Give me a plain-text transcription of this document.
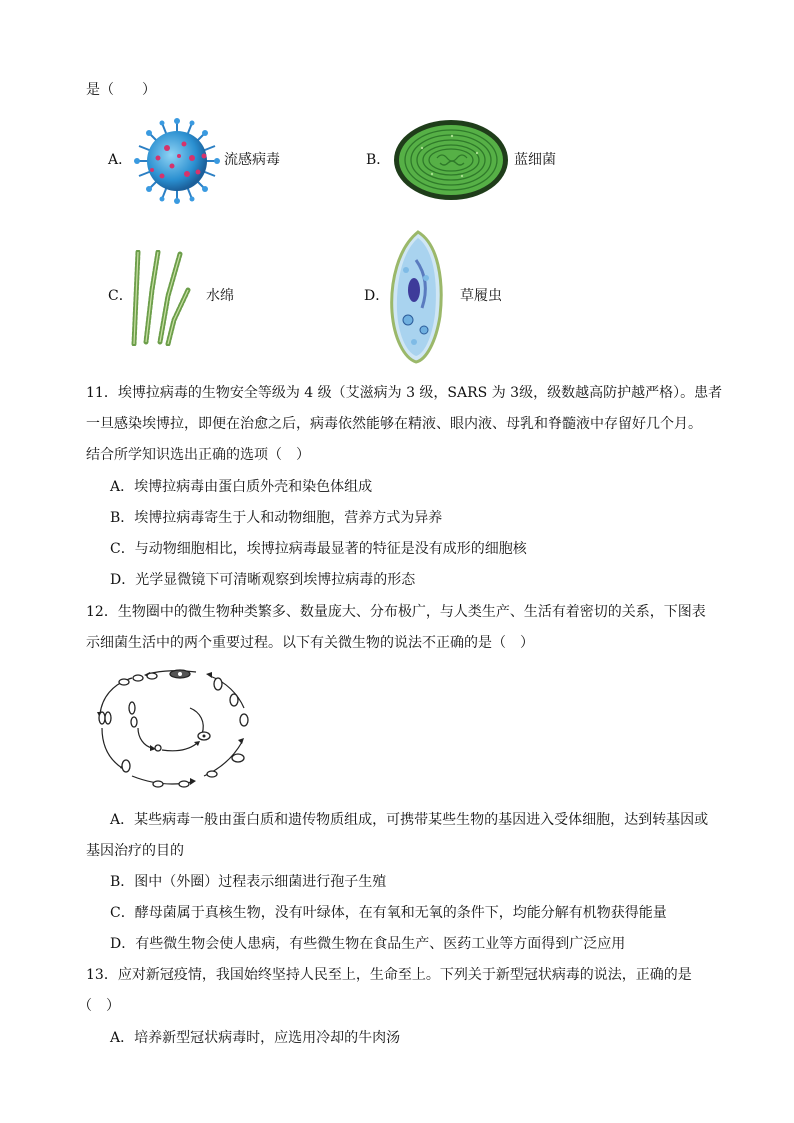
是（　　）
A．	流感病毒	B．	蓝细菌
C．	水绵	D．	草履虫
11．埃博拉病毒的生物安全等级为 4 级（艾滋病为 3 级，SARS 为 3级，级数越高防护越严格）。患者
一旦感染埃博拉，即便在治愈之后，病毒依然能够在精液、眼内液、母乳和脊髓液中存留好几个月。
结合所学知识选出正确的选项（　）
A．埃博拉病毒由蛋白质外壳和染色体组成
B．埃博拉病毒寄生于人和动物细胞，营养方式为异养
C．与动物细胞相比，埃博拉病毒最显著的特征是没有成形的细胞核
D．光学显微镜下可清晰观察到埃博拉病毒的形态
12．生物圈中的微生物种类繁多、数量庞大、分布极广，与人类生产、生活有着密切的关系，下图表
示细菌生活中的两个重要过程。以下有关微生物的说法不正确的是（　）
A．某些病毒一般由蛋白质和遗传物质组成，可携带某些生物的基因进入受体细胞，达到转基因或
基因治疗的目的
B．图中（外圈）过程表示细菌进行孢子生殖
C．酵母菌属于真核生物，没有叶绿体，在有氧和无氧的条件下，均能分解有机物获得能量
D．有些微生物会使人患病，有些微生物在食品生产、医药工业等方面得到广泛应用
13．应对新冠疫情，我国始终坚持人民至上，生命至上。下列关于新型冠状病毒的说法，正确的是
（　）
A．培养新型冠状病毒时，应选用冷却的牛肉汤
